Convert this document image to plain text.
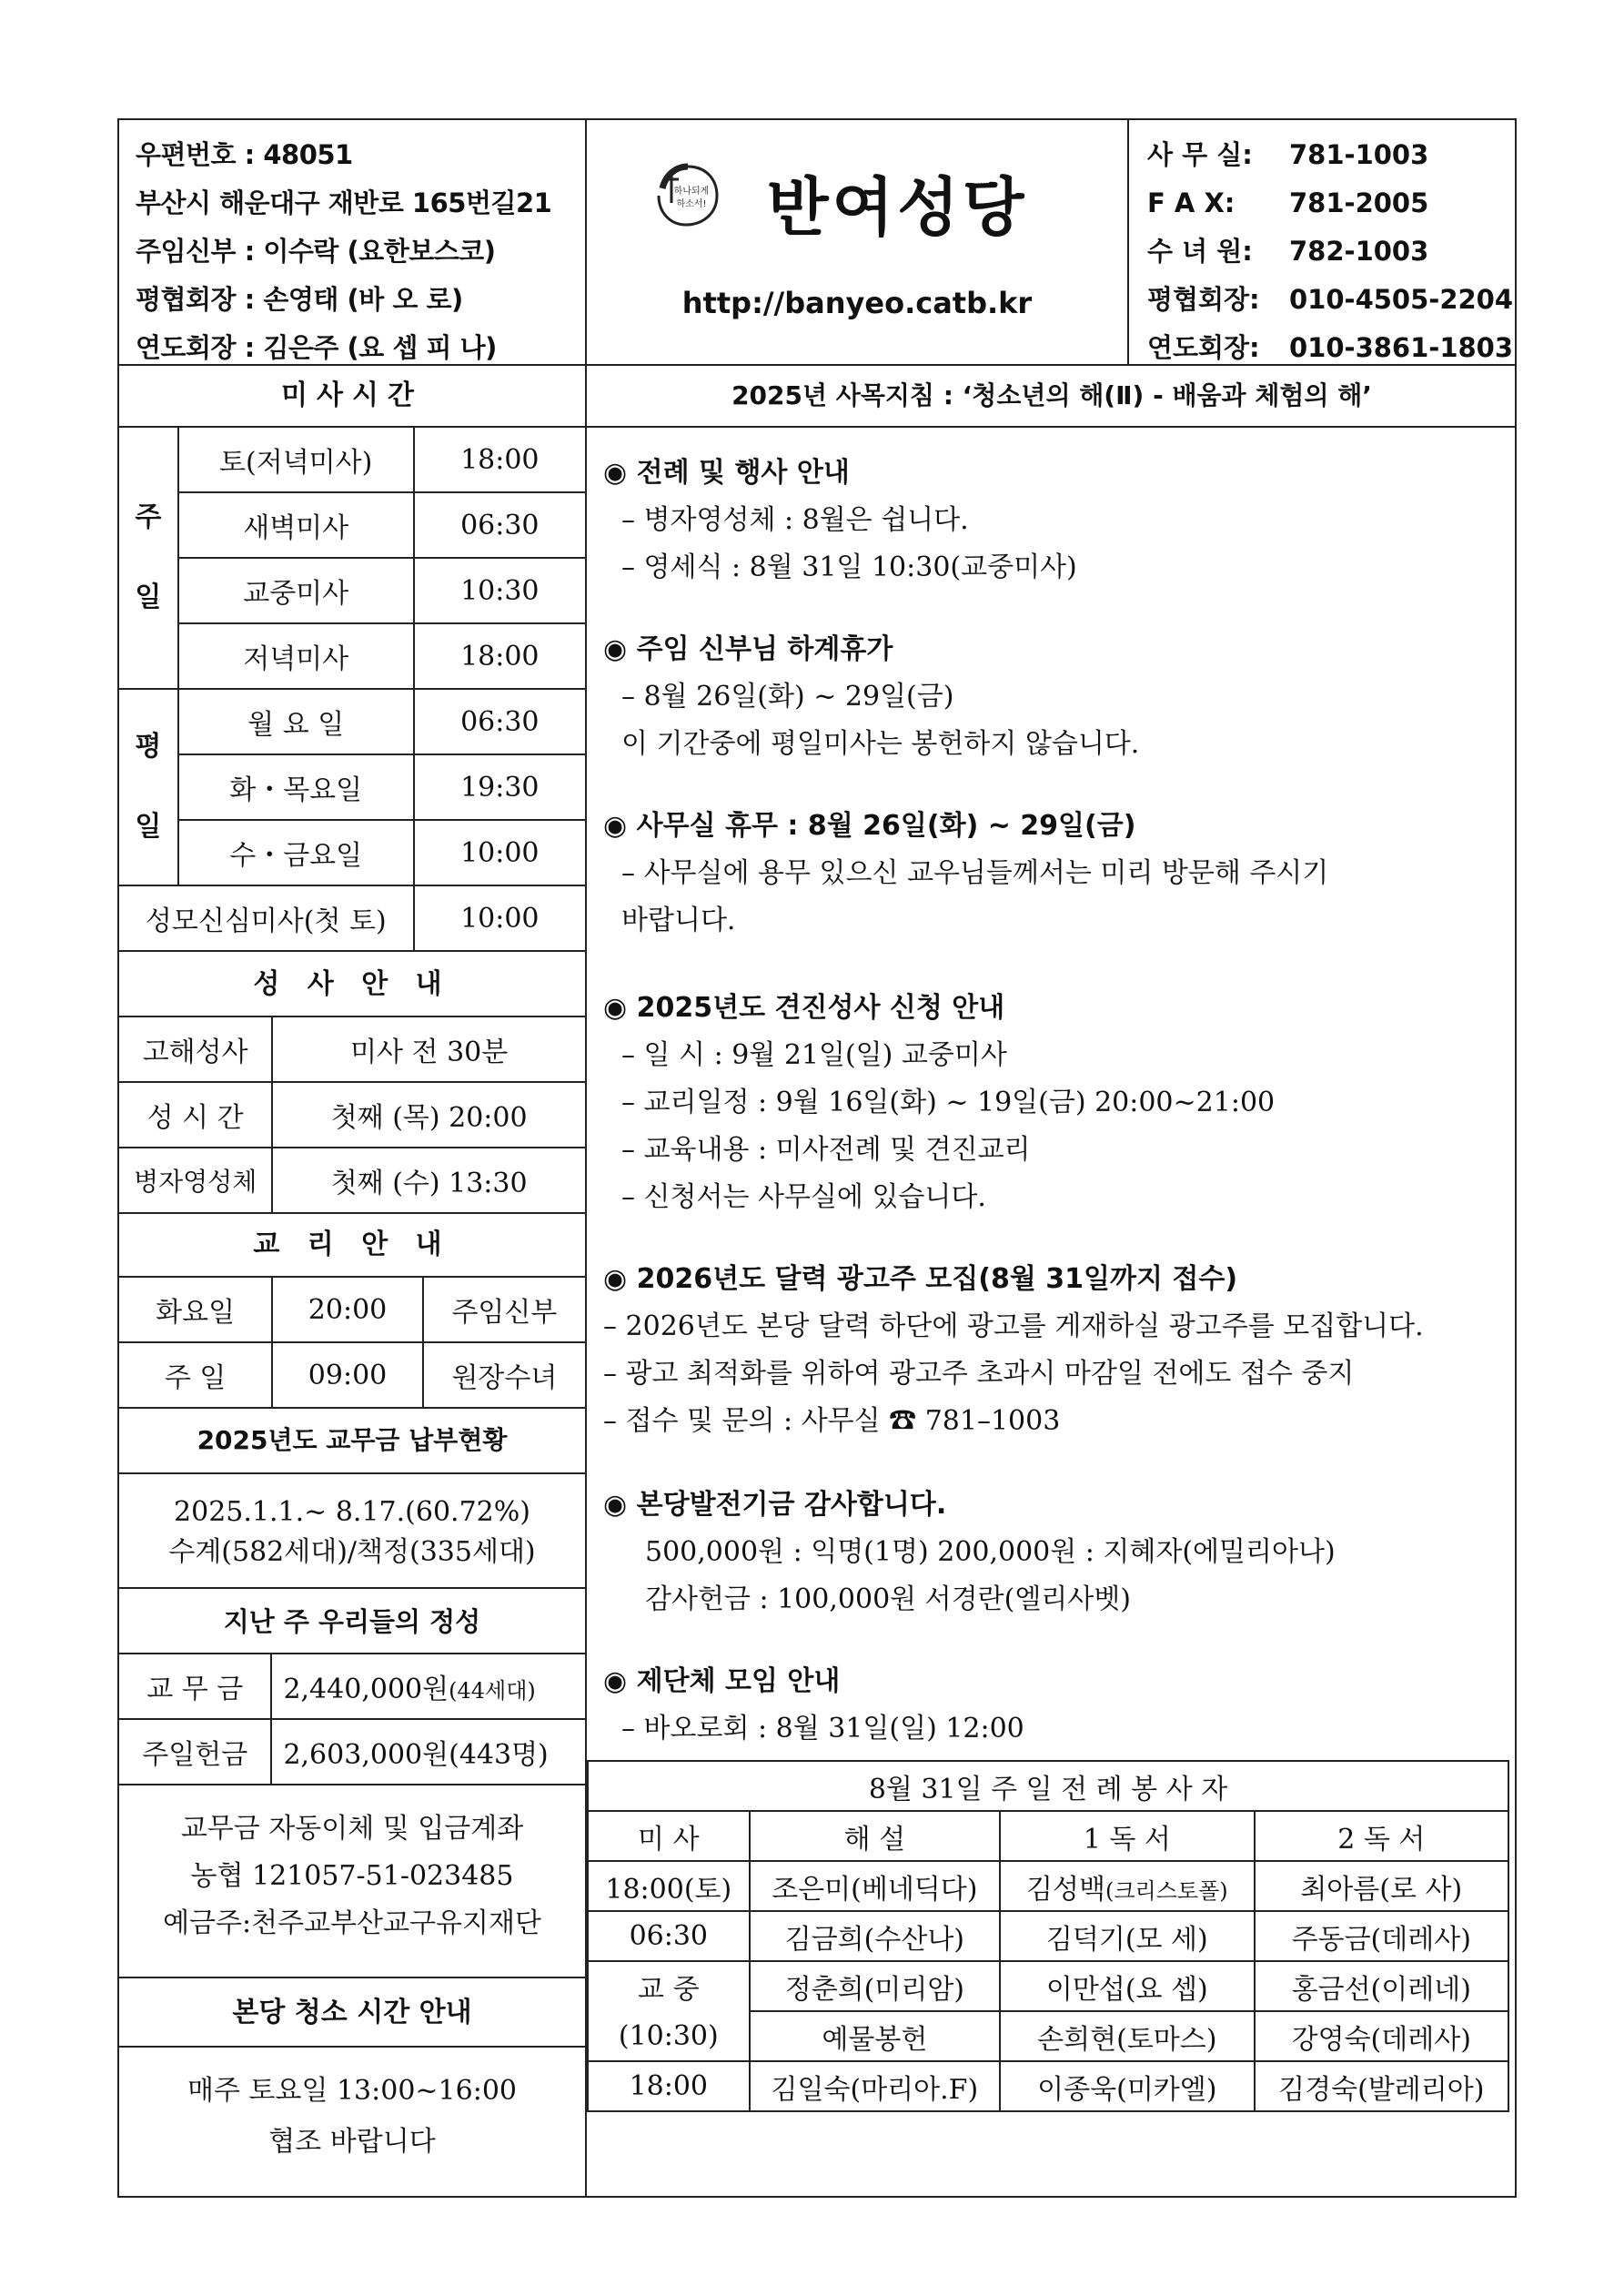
우편번호 : 48051
부산시 해운대구 재반로 165번길21
주임신부 : 이수락 (요한보스코)
평협회장 : 손영태 (바 오 로)
연도회장 : 김은주 (요 셉 피 나)
하나되게
하소서! 반여성당
http://banyeo.catb.kr
사 무 실: 781-1003
F A X: 781-2005
수 녀 원: 782-1003
평협회장: 010-4505-2204
연도회장: 010-3861-1803
미사시간	2025년 사목지침 : ‘청소년의 해(Ⅱ) - 배움과 체험의 해’
주
일	토(저녁미사)	18:00
	새벽미사	06:30
	교중미사	10:30
	저녁미사	18:00

평
일	월 요 일	06:30
	화・목요일	19:30
	수・금요일	10:00
성모신심미사(첫 토)		10:00
성 사 안 내
고해성사	미사 전 30분
성 시 간	첫째 (목) 20:00
병자영성체	첫째 (수) 13:30
교 리 안 내
화요일	20:00	주임신부
주 일	09:00	원장수녀
2025년도 교무금 납부현황
2025.1.1.~ 8.17.(60.72%)
수계(582세대)/책정(335세대)
지난 주 우리들의 정성
교 무 금	2,440,000원(44세대)
주일헌금	2,603,000원(443명)
교무금 자동이체 및 입금계좌
농협 121057-51-023485
예금주:천주교부산교구유지재단
본당 청소 시간 안내
매주 토요일 13:00~16:00
협조 바랍니다
◉ 전례 및 행사 안내
– 병자영성체 : 8월은 쉽니다.
– 영세식 : 8월 31일 10:30(교중미사)
◉ 주임 신부님 하계휴가
– 8월 26일(화) ~ 29일(금)
이 기간중에 평일미사는 봉헌하지 않습니다.
◉ 사무실 휴무 : 8월 26일(화) ~ 29일(금)
– 사무실에 용무 있으신 교우님들께서는 미리 방문해 주시기
바랍니다.
◉ 2025년도 견진성사 신청 안내
– 일 시 : 9월 21일(일) 교중미사
– 교리일정 : 9월 16일(화) ~ 19일(금) 20:00~21:00
– 교육내용 : 미사전례 및 견진교리
– 신청서는 사무실에 있습니다.
◉ 2026년도 달력 광고주 모집(8월 31일까지 접수)
– 2026년도 본당 달력 하단에 광고를 게재하실 광고주를 모집합니다.
– 광고 최적화를 위하여 광고주 초과시 마감일 전에도 접수 중지
– 접수 및 문의 : 사무실 ☎ 781–1003
◉ 본당발전기금 감사합니다.
500,000원 : 익명(1명) 200,000원 : 지혜자(에밀리아나)
감사헌금 : 100,000원 서경란(엘리사벳)
◉ 제단체 모임 안내
– 바오로회 : 8월 31일(일) 12:00
8월 31일 주 일 전 례 봉 사 자			
미 사	해 설	1 독 서	2 독 서
18:00(토)	조은미(베네딕다)	김성백(크리스토폴)	최아름(로 사)
06:30	김금희(수산나)	김덕기(모 세)	주동금(데레사)
교 중	정춘희(미리암)	이만섭(요 셉)	홍금선(이레네)
(10:30)	예물봉헌	손희현(토마스)	강영숙(데레사)
18:00	김일숙(마리아.F)	이종욱(미카엘)	김경숙(발레리아)
